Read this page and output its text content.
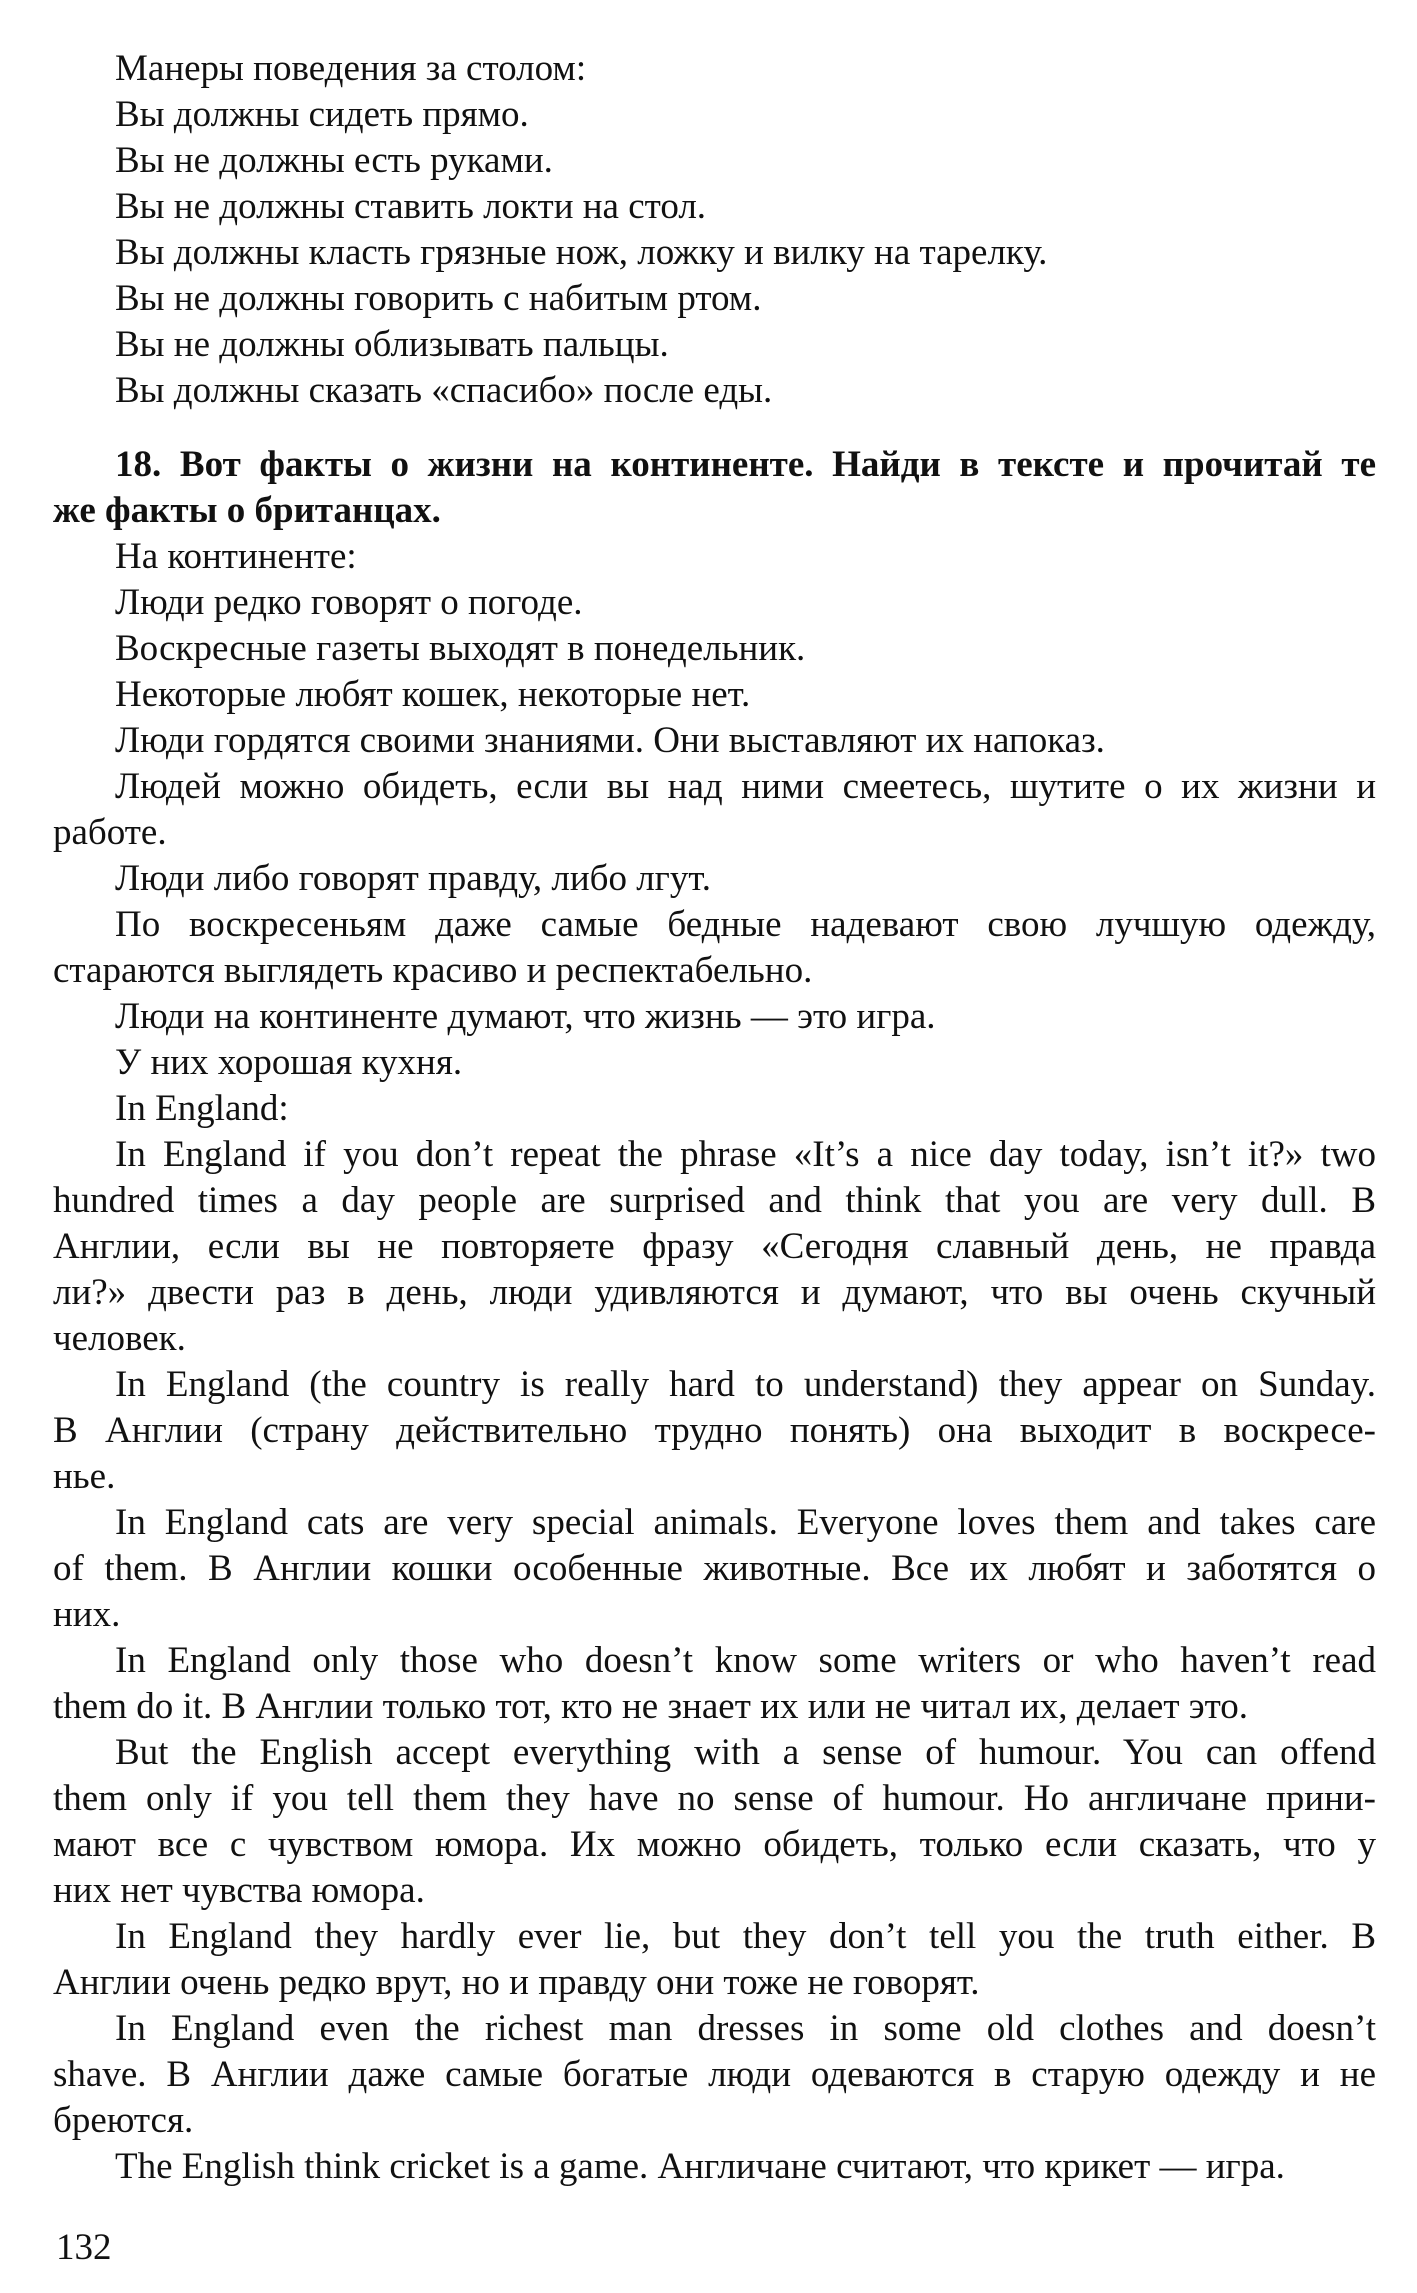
Манеры поведения за столом:
Вы должны сидеть прямо.
Вы не должны есть руками.
Вы не должны ставить локти на стол.
Вы должны класть грязные нож, ложку и вилку на тарелку.
Вы не должны говорить с набитым ртом.
Вы не должны облизывать пальцы.
Вы должны сказать «спасибо» после еды.
18. Вот факты о жизни на континенте. Найди в тексте и прочитай те
же факты о британцах.
На континенте:
Люди редко говорят о погоде.
Воскресные газеты выходят в понедельник.
Некоторые любят кошек, некоторые нет.
Люди гордятся своими знаниями. Они выставляют их напоказ.
Людей можно обидеть, если вы над ними смеетесь, шутите о их жизни и
работе.
Люди либо говорят правду, либо лгут.
По воскресеньям даже самые бедные надевают свою лучшую одежду,
стараются выглядеть красиво и респектабельно.
Люди на континенте думают, что жизнь — это игра.
У них хорошая кухня.
In England:
In England if you don’t repeat the phrase «It’s a nice day today, isn’t it?» two
hundred times a day people are surprised and think that you are very dull. В
Англии, если вы не повторяете фразу «Сегодня славный день, не правда
ли?» двести раз в день, люди удивляются и думают, что вы очень скучный
человек.
In England (the country is really hard to understand) they appear on Sunday.
В Англии (страну действительно трудно понять) она выходит в воскресе-
нье.
In England cats are very special animals. Everyone loves them and takes care
of them. В Англии кошки особенные животные. Все их любят и заботятся о
них.
In England only those who doesn’t know some writers or who haven’t read
them do it. В Англии только тот, кто не знает их или не читал их, делает это.
But the English accept everything with a sense of humour. You can offend
them only if you tell them they have no sense of humour. Но англичане прини-
мают все с чувством юмора. Их можно обидеть, только если сказать, что у
них нет чувства юмора.
In England they hardly ever lie, but they don’t tell you the truth either. В
Англии очень редко врут, но и правду они тоже не говорят.
In England even the richest man dresses in some old clothes and doesn’t
shave. В Англии даже самые богатые люди одеваются в старую одежду и не
бреются.
The English think cricket is a game. Англичане считают, что крикет — игра.
132
